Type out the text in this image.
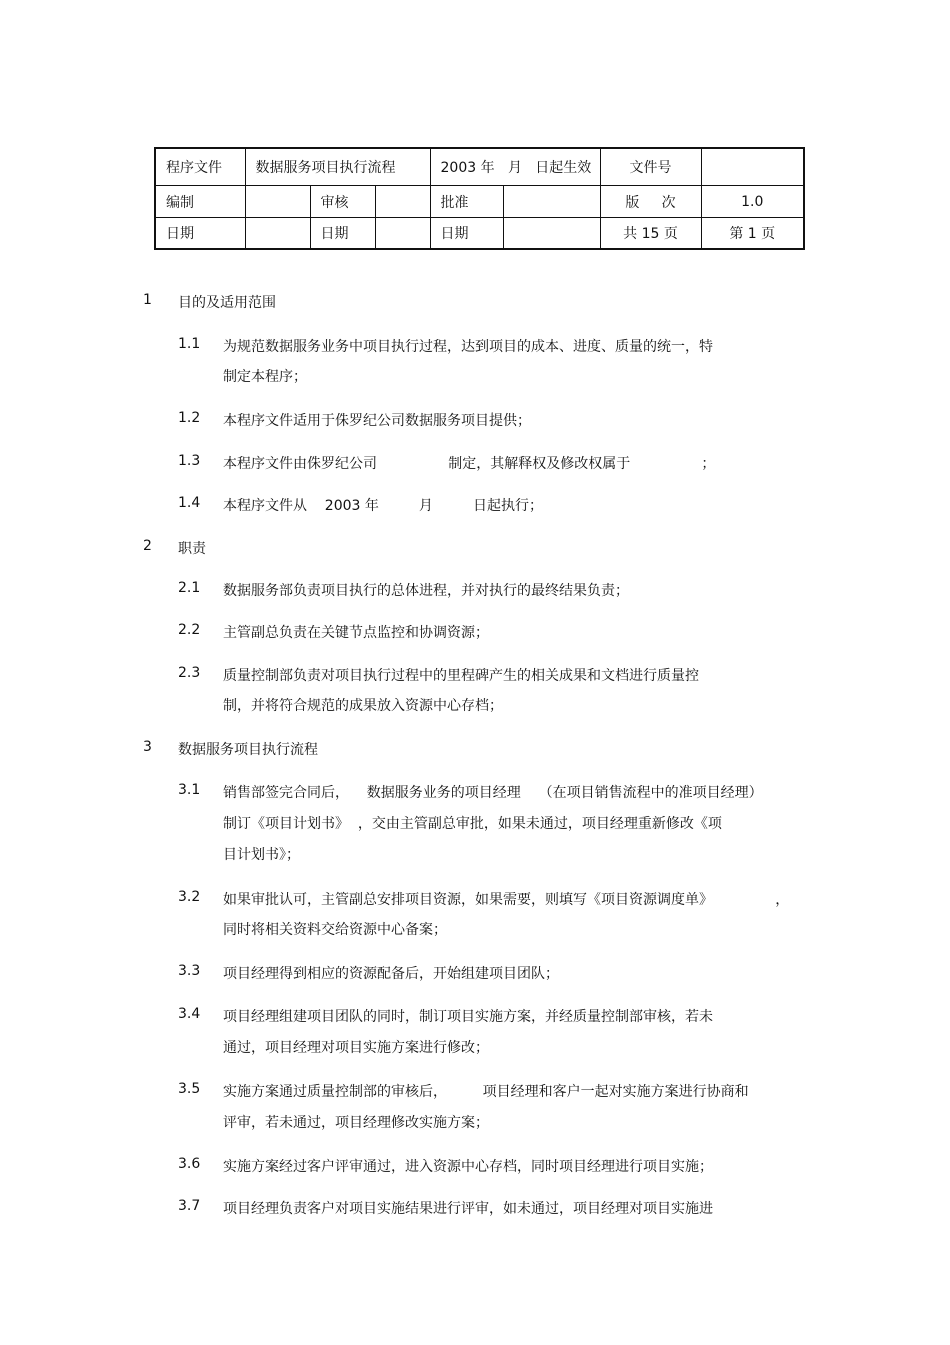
程序文件	数据服务项目执行流程			2003 年   月   日起生效		文件号	
编制		审核		批准		版     次	1.0
日期		日期		日期		共 15 页	第 1 页
1 目的及适用范围
1.1 为规范数据服务业务中项目执行过程，达到项目的成本、进度、质量的统一，特
制定本程序；
1.2 本程序文件适用于侏罗纪公司数据服务项目提供；
1.3 本程序文件由侏罗纪公司                制定，其解释权及修改权属于                ；
1.4 本程序文件从    2003 年         月         日起执行；
2 职责
2.1 数据服务部负责项目执行的总体进程，并对执行的最终结果负责；
2.2 主管副总负责在关键节点监控和协调资源；
2.3 质量控制部负责对项目执行过程中的里程碑产生的相关成果和文档进行质量控
制，并将符合规范的成果放入资源中心存档；
3 数据服务项目执行流程
3.1 销售部签完合同后，    数据服务业务的项目经理    （在项目销售流程中的准项目经理）
制订《项目计划书》  ，交由主管副总审批，如果未通过，项目经理重新修改《项
目计划书》；
3.2 如果审批认可，主管副总安排项目资源，如果需要，则填写《项目资源调度单》              ，
同时将相关资料交给资源中心备案；
3.3 项目经理得到相应的资源配备后，开始组建项目团队；
3.4 项目经理组建项目团队的同时，制订项目实施方案，并经质量控制部审核，若未
通过，项目经理对项目实施方案进行修改；
3.5 实施方案通过质量控制部的审核后，        项目经理和客户一起对实施方案进行协商和
评审，若未通过，项目经理修改实施方案；
3.6 实施方案经过客户评审通过，进入资源中心存档，同时项目经理进行项目实施；
3.7 项目经理负责客户对项目实施结果进行评审，如未通过，项目经理对项目实施进
